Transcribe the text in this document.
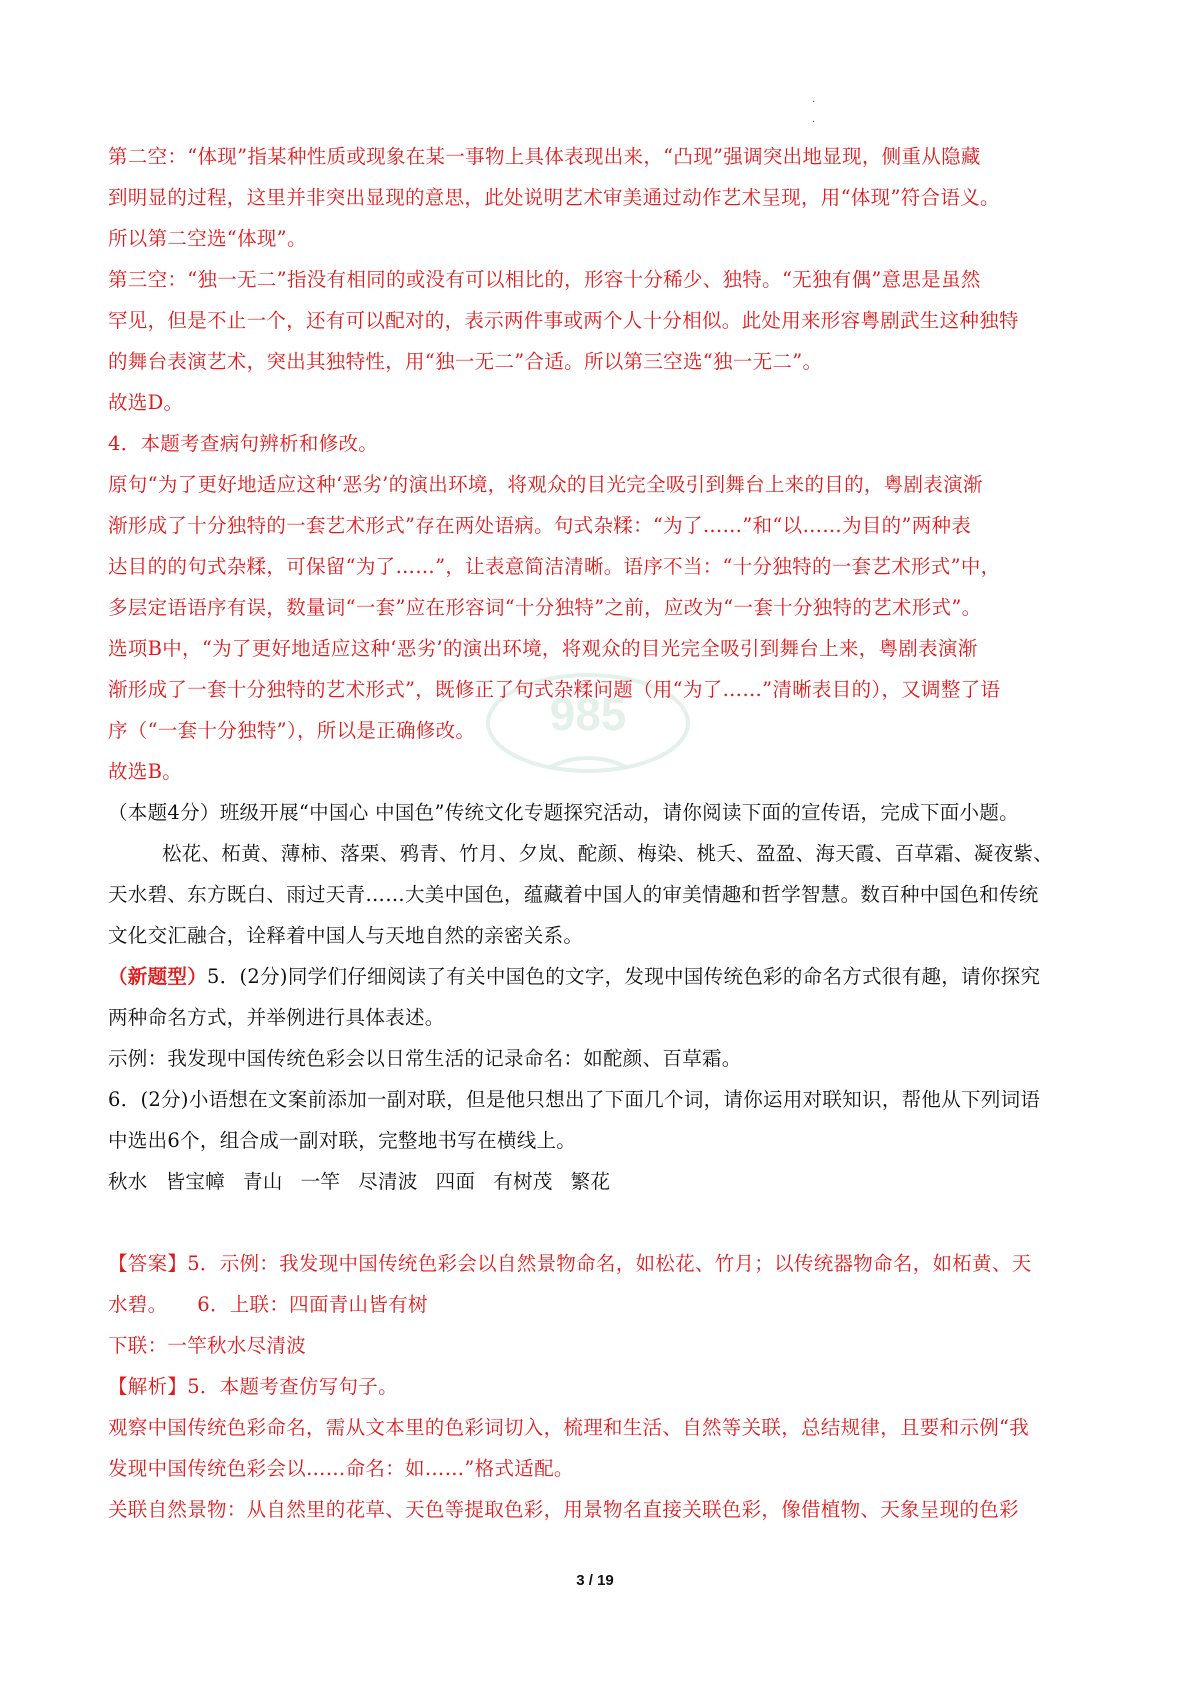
·
·
985
第二空：“体现”指某种性质或现象在某一事物上具体表现出来，“凸现”强调突出地显现，侧重从隐藏
到明显的过程，这里并非突出显现的意思，此处说明艺术审美通过动作艺术呈现，用“体现”符合语义。
所以第二空选“体现”。
第三空：“独一无二”指没有相同的或没有可以相比的，形容十分稀少、独特。“无独有偶”意思是虽然
罕见，但是不止一个，还有可以配对的，表示两件事或两个人十分相似。此处用来形容粤剧武生这种独特
的舞台表演艺术，突出其独特性，用“独一无二”合适。所以第三空选“独一无二”。
故选D。
4．本题考查病句辨析和修改。
原句“为了更好地适应这种‘恶劣’的演出环境，将观众的目光完全吸引到舞台上来的目的，粤剧表演渐
渐形成了十分独特的一套艺术形式”存在两处语病。句式杂糅：“为了……”和“以……为目的”两种表
达目的的句式杂糅，可保留“为了……”，让表意简洁清晰。语序不当：“十分独特的一套艺术形式”中，
多层定语语序有误，数量词“一套”应在形容词“十分独特”之前，应改为“一套十分独特的艺术形式”。
选项B中，“为了更好地适应这种‘恶劣’的演出环境，将观众的目光完全吸引到舞台上来，粤剧表演渐
渐形成了一套十分独特的艺术形式”，既修正了句式杂糅问题（用“为了……”清晰表目的），又调整了语
序（“一套十分独特”），所以是正确修改。
故选B。
（本题4分）班级开展“中国心 中国色”传统文化专题探究活动，请你阅读下面的宣传语，完成下面小题。
松花、柘黄、薄柿、落栗、鸦青、竹月、夕岚、酡颜、梅染、桃夭、盈盈、海天霞、百草霜、凝夜紫、
天水碧、东方既白、雨过天青……大美中国色，蕴藏着中国人的审美情趣和哲学智慧。数百种中国色和传统
文化交汇融合，诠释着中国人与天地自然的亲密关系。
（新题型）5．(2分)同学们仔细阅读了有关中国色的文字，发现中国传统色彩的命名方式很有趣，请你探究
两种命名方式，并举例进行具体表述。
示例：我发现中国传统色彩会以日常生活的记录命名：如酡颜、百草霜。
6．(2分)小语想在文案前添加一副对联，但是他只想出了下面几个词，请你运用对联知识，帮他从下列词语
中选出6个，组合成一副对联，完整地书写在横线上。
秋水 皆宝幛 青山 一竿 尽清波 四面 有树茂 繁花
【答案】5．示例：我发现中国传统色彩会以自然景物命名，如松花、竹月；以传统器物命名，如柘黄、天
水碧。　　6．上联：四面青山皆有树
下联：一竿秋水尽清波
【解析】5．本题考查仿写句子。
观察中国传统色彩命名，需从文本里的色彩词切入，梳理和生活、自然等关联，总结规律，且要和示例“我
发现中国传统色彩会以……命名：如……”格式适配。
关联自然景物：从自然里的花草、天色等提取色彩，用景物名直接关联色彩，像借植物、天象呈现的色彩
3 / 19
